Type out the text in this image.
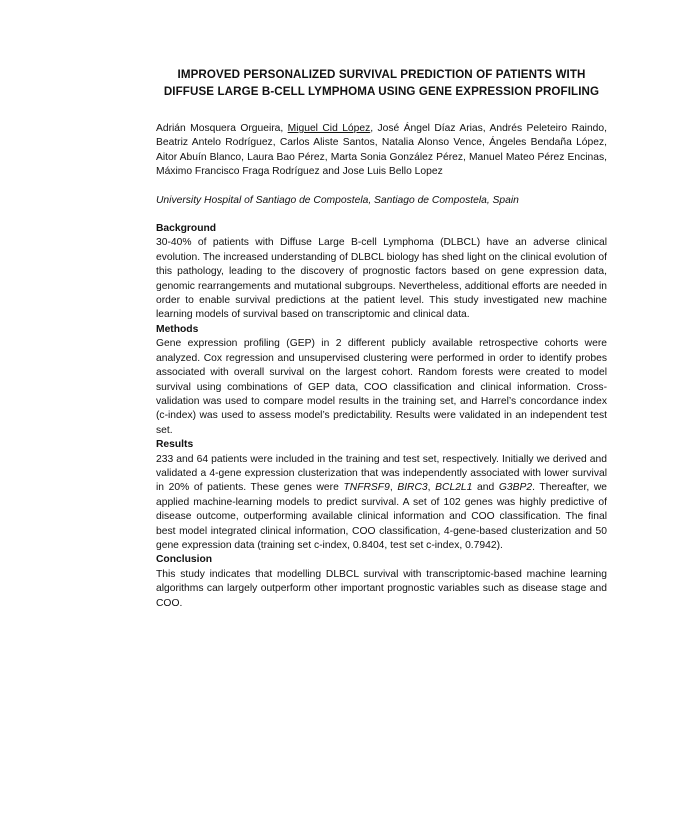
IMPROVED PERSONALIZED SURVIVAL PREDICTION OF PATIENTS WITH
DIFFUSE LARGE B-CELL LYMPHOMA USING GENE EXPRESSION PROFILING

Adrián Mosquera Orgueira, Miguel Cid López, José Ángel Díaz Arias, Andrés Peleteiro Raindo, Beatriz Antelo Rodríguez, Carlos Aliste Santos, Natalia Alonso Vence, Ángeles Bendaña López, Aitor Abuín Blanco, Laura Bao Pérez, Marta Sonia González Pérez, Manuel Mateo Pérez Encinas, Máximo Francisco Fraga Rodríguez and Jose Luis Bello Lopez

University Hospital of Santiago de Compostela, Santiago de Compostela, Spain

Background

30-40% of patients with Diffuse Large B-cell Lymphoma (DLBCL) have an adverse clinical evolution. The increased understanding of DLBCL biology has shed light on the clinical evolution of this pathology, leading to the discovery of prognostic factors based on gene expression data, genomic rearrangements and mutational subgroups. Nevertheless, additional efforts are needed in order to enable survival predictions at the patient level. This study investigated new machine learning models of survival based on transcriptomic and clinical data.

Methods

Gene expression profiling (GEP) in 2 different publicly available retrospective cohorts were analyzed. Cox regression and unsupervised clustering were performed in order to identify probes associated with overall survival on the largest cohort. Random forests were created to model survival using combinations of GEP data, COO classification and clinical information. Cross-validation was used to compare model results in the training set, and Harrel’s concordance index (c-index) was used to assess model’s predictability. Results were validated in an independent test set.

Results

233 and 64 patients were included in the training and test set, respectively. Initially we derived and validated a 4-gene expression clusterization that was independently associated with lower survival in 20% of patients. These genes were TNFRSF9, BIRC3, BCL2L1 and G3BP2. Thereafter, we applied machine-learning models to predict survival. A set of 102 genes was highly predictive of disease outcome, outperforming available clinical information and COO classification. The final best model integrated clinical information, COO classification, 4-gene-based clusterization and 50 gene expression data (training set c-index, 0.8404, test set c-index, 0.7942).

Conclusion

This study indicates that modelling DLBCL survival with transcriptomic-based machine learning algorithms can largely outperform other important prognostic variables such as disease stage and COO.
